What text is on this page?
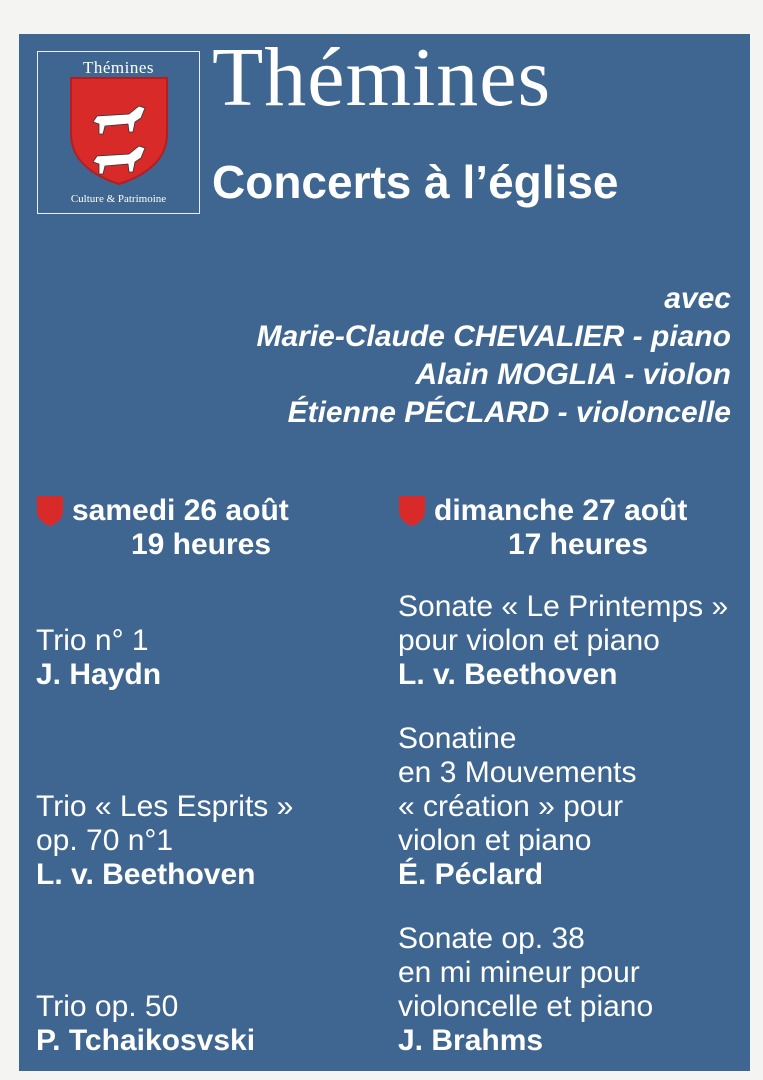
Thémines
Culture & Patrimoine
Thémines
Concerts à l’église
avec
Marie-Claude CHEVALIER - piano
Alain MOGLIA - violon
Étienne PÉCLARD - violoncelle
samedi 26 août
19 heures
dimanche 27 août
17 heures
Trio n° 1
J. Haydn
Trio « Les Esprits »
op. 70 n°1
L. v. Beethoven
Trio op. 50
P. Tchaikosvski
Sonate « Le Printemps »
pour violon et piano
L. v. Beethoven
Sonatine
en 3 Mouvements
« création » pour
violon et piano
É. Péclard
Sonate op. 38
en mi mineur pour
violoncelle et piano
J. Brahms
